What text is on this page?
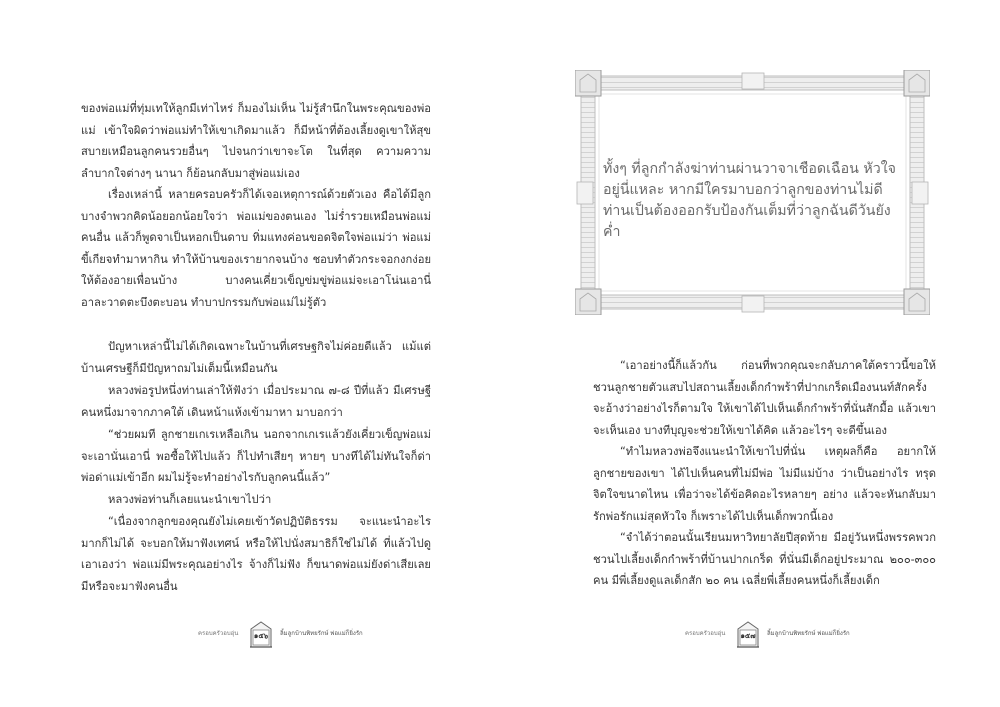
ของพ่อแม่ที่ทุ่มเทให้ลูกมีเท่าไหร่ ก็มองไม่เห็น ไม่รู้สำนึกในพระคุณของพ่อแม่ เข้าใจผิดว่าพ่อแม่ทำให้เขาเกิดมาแล้ว ก็มีหน้าที่ต้องเลี้ยงดูเขาให้สุขสบายเหมือนลูกคนรวยอื่นๆ ไปจนกว่าเขาจะโต ในที่สุด ความความลำบากใจต่างๆ นานา ก็ย้อนกลับมาสู่พ่อแม่เอง

เรื่องเหล่านี้ หลายครอบครัวก็ได้เจอเหตุการณ์ด้วยตัวเอง คือได้มีลูกบางจำพวกคิดน้อยอกน้อยใจว่า พ่อแม่ของตนเอง ไม่ร่ำรวยเหมือนพ่อแม่คนอื่น แล้วก็พูดจาเป็นหอกเป็นดาบ ทิ่มแทงค่อนขอดจิตใจพ่อแม่ว่า พ่อแม่ขี้เกียจทำมาหากิน ทำให้บ้านของเรายากจนบ้าง ชอบทำตัวกระจอกงกง่อยให้ต้องอายเพื่อนบ้าง บางคนเคี่ยวเข็ญข่มขู่พ่อแม่จะเอาโน่นเอานี่ อาละวาดตะบึงตะบอน ทำบาปกรรมกับพ่อแม่ไม่รู้ตัว

ปัญหาเหล่านี้ไม่ได้เกิดเฉพาะในบ้านที่เศรษฐกิจไม่ค่อยดีแล้ว แม้แต่บ้านเศรษฐีก็มีปัญหาถมไม่เต็มนี้เหมือนกัน

หลวงพ่อรูปหนึ่งท่านเล่าให้ฟังว่า เมื่อประมาณ ๗-๘ ปีที่แล้ว มีเศรษฐีคนหนึ่งมาจากภาคใต้ เดินหน้าแห้งเข้ามาหา มาบอกว่า

“ช่วยผมที ลูกชายเกเรเหลือเกิน นอกจากเกเรแล้วยังเคี่ยวเข็ญพ่อแม่จะเอานั่นเอานี่ พอซื้อให้ไปแล้ว ก็ไปทำเสียๆ หายๆ บางทีได้ไม่ทันใจก็ด่าพ่อด่าแม่เข้าอีก ผมไม่รู้จะทำอย่างไรกับลูกคนนี้แล้ว”

หลวงพ่อท่านก็เลยแนะนำเขาไปว่า

“เนื่องจากลูกของคุณยังไม่เคยเข้าวัดปฏิบัติธรรม จะแนะนำอะไรมากก็ไม่ได้ จะบอกให้มาฟังเทศน์ หรือให้ไปนั่งสมาธิก็ใช่ไม่ได้ ที่แล้วไปดูเอาเองว่า พ่อแม่มีพระคุณอย่างไร จ้างก็ไม่ฟัง ก็ขนาดพ่อแม่ยังด่าเสียเลย มีหรือจะมาฟังคนอื่น

ครอบครัวอบอุ่น	๑๕๖	ลิ้มลูกบ้านพิทยรักษ์ พ่อแม่ก็ยิ่งรัก

ทั้งๆ ที่ลูกกำลังฆ่าท่านผ่านวาจาเชือดเฉือน หัวใจอยู่นี่แหละ หากมีใครมาบอกว่าลูกของท่านไม่ดี ท่านเป็นต้องออกรับป้องกันเต็มที่ว่าลูกฉันดีวันยังค่ำ

“เอาอย่างนี้ก็แล้วกัน ก่อนที่พวกคุณจะกลับภาคใต้คราวนี้ขอให้ชวนลูกชายตัวแสบไปสถานเลี้ยงเด็กกำพร้าที่ปากเกร็ดเมืองนนท์สักครั้งจะอ้างว่าอย่างไรก็ตามใจ ให้เขาได้ไปเห็นเด็กกำพร้าที่นั่นสักมื้อ แล้วเขาจะเห็นเอง บางทีบุญจะช่วยให้เขาได้คิด แล้วอะไรๆ จะดีขึ้นเอง

“ทำไมหลวงพ่อจึงแนะนำให้เขาไปที่นั่น เหตุผลก็คือ อยากให้ลูกชายของเขา ได้ไปเห็นคนที่ไม่มีพ่อ ไม่มีแม่บ้าง ว่าเป็นอย่างไร ทรุดจิตใจขนาดไหน เพื่อว่าจะได้ข้อคิดอะไรหลายๆ อย่าง แล้วจะหันกลับมารักพ่อรักแม่สุดหัวใจ ก็เพราะได้ไปเห็นเด็กพวกนี้เอง

“จำได้ว่าตอนนั้นเรียนมหาวิทยาลัยปีสุดท้าย มีอยู่วันหนึ่งพรรคพวกชวนไปเลี้ยงเด็กกำพร้าที่บ้านปากเกร็ด ที่นั่นมีเด็กอยู่ประมาณ ๒๐๐-๓๐๐ คน มีพี่เลี้ยงดูแลเด็กสัก ๒๐ คน เฉลี่ยพี่เลี้ยงคนหนึ่งก็เลี้ยงเด็ก

ครอบครัวอบอุ่น	๑๕๗	ลิ้มลูกบ้านพิทยรักษ์ พ่อแม่ก็ยิ่งรัก
